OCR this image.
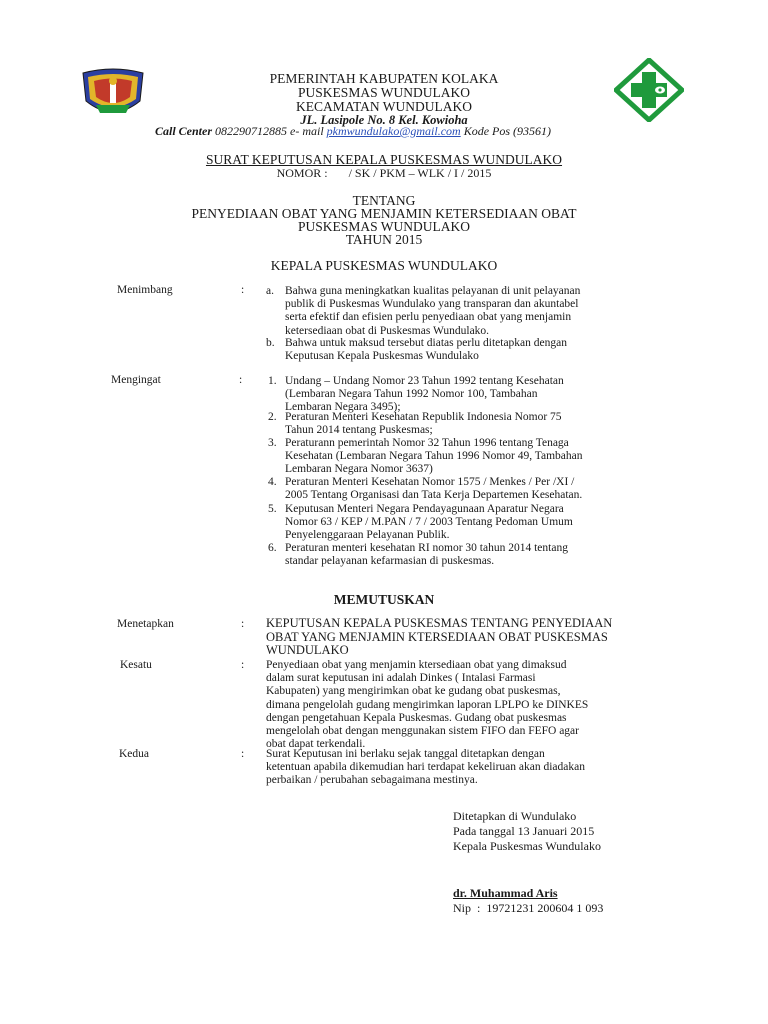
PEMERINTAH KABUPATEN KOLAKA
PUSKESMAS WUNDULAKO
KECAMATAN WUNDULAKO
JL. Lasipole No. 8 Kel. Kowioha
Call Center 082290712885 e- mail pkmwundulako@gmail.com Kode Pos (93561)
SURAT KEPUTUSAN KEPALA PUSKESMAS WUNDULAKO
NOMOR :       / SK / PKM – WLK / I / 2015
TENTANG
PENYEDIAAN OBAT YANG MENJAMIN KETERSEDIAAN OBAT
PUSKESMAS WUNDULAKO
TAHUN 2015
KEPALA PUSKESMAS WUNDULAKO
Menimbang	: a. Bahwa guna meningkatkan kualitas pelayanan di unit pelayanan
publik di Puskesmas Wundulako yang transparan dan akuntabel
serta efektif dan efisien perlu penyediaan obat yang menjamin
ketersediaan obat di Puskesmas Wundulako.
b. Bahwa untuk maksud tersebut diatas perlu ditetapkan dengan
Keputusan Kepala Puskesmas Wundulako
Mengingat	: 1. Undang – Undang Nomor 23 Tahun 1992 tentang Kesehatan
(Lembaran Negara Tahun 1992 Nomor 100, Tambahan
Lembaran Negara 3495);
2. Peraturan Menteri Kesehatan Republik Indonesia Nomor 75
Tahun 2014 tentang Puskesmas;
3. Peraturann pemerintah Nomor 32 Tahun 1996 tentang Tenaga
Kesehatan (Lembaran Negara Tahun 1996 Nomor 49, Tambahan
Lembaran Negara Nomor 3637)
4. Peraturan Menteri Kesehatan Nomor 1575 / Menkes / Per /XI /
2005 Tentang Organisasi dan Tata Kerja Departemen Kesehatan.
5. Keputusan Menteri Negara Pendayagunaan Aparatur Negara
Nomor 63 / KEP / M.PAN / 7 / 2003 Tentang Pedoman Umum
Penyelenggaraan Pelayanan Publik.
6. Peraturan menteri kesehatan RI nomor 30 tahun 2014 tentang
standar pelayanan kefarmasian di puskesmas.
MEMUTUSKAN
Menetapkan	: KEPUTUSAN KEPALA PUSKESMAS TENTANG PENYEDIAAN
OBAT YANG MENJAMIN KTERSEDIAAN OBAT PUSKESMAS
WUNDULAKO
Kesatu	: Penyediaan obat yang menjamin ktersediaan obat yang dimaksud
dalam surat keputusan ini adalah Dinkes ( Intalasi Farmasi
Kabupaten) yang mengirimkan obat ke gudang obat puskesmas,
dimana pengelolah gudang mengirimkan laporan LPLPO ke DINKES
dengan pengetahuan Kepala Puskesmas. Gudang obat puskesmas
mengelolah obat dengan menggunakan sistem FIFO dan FEFO agar
obat dapat terkendali.
Kedua	: Surat Keputusan ini berlaku sejak tanggal ditetapkan dengan
ketentuan apabila dikemudian hari terdapat kekeliruan akan diadakan
perbaikan / perubahan sebagaimana mestinya.
Ditetapkan di Wundulako
Pada tanggal 13 Januari 2015
Kepala Puskesmas Wundulako
dr. Muhammad Aris
Nip  :  19721231 200604 1 093
